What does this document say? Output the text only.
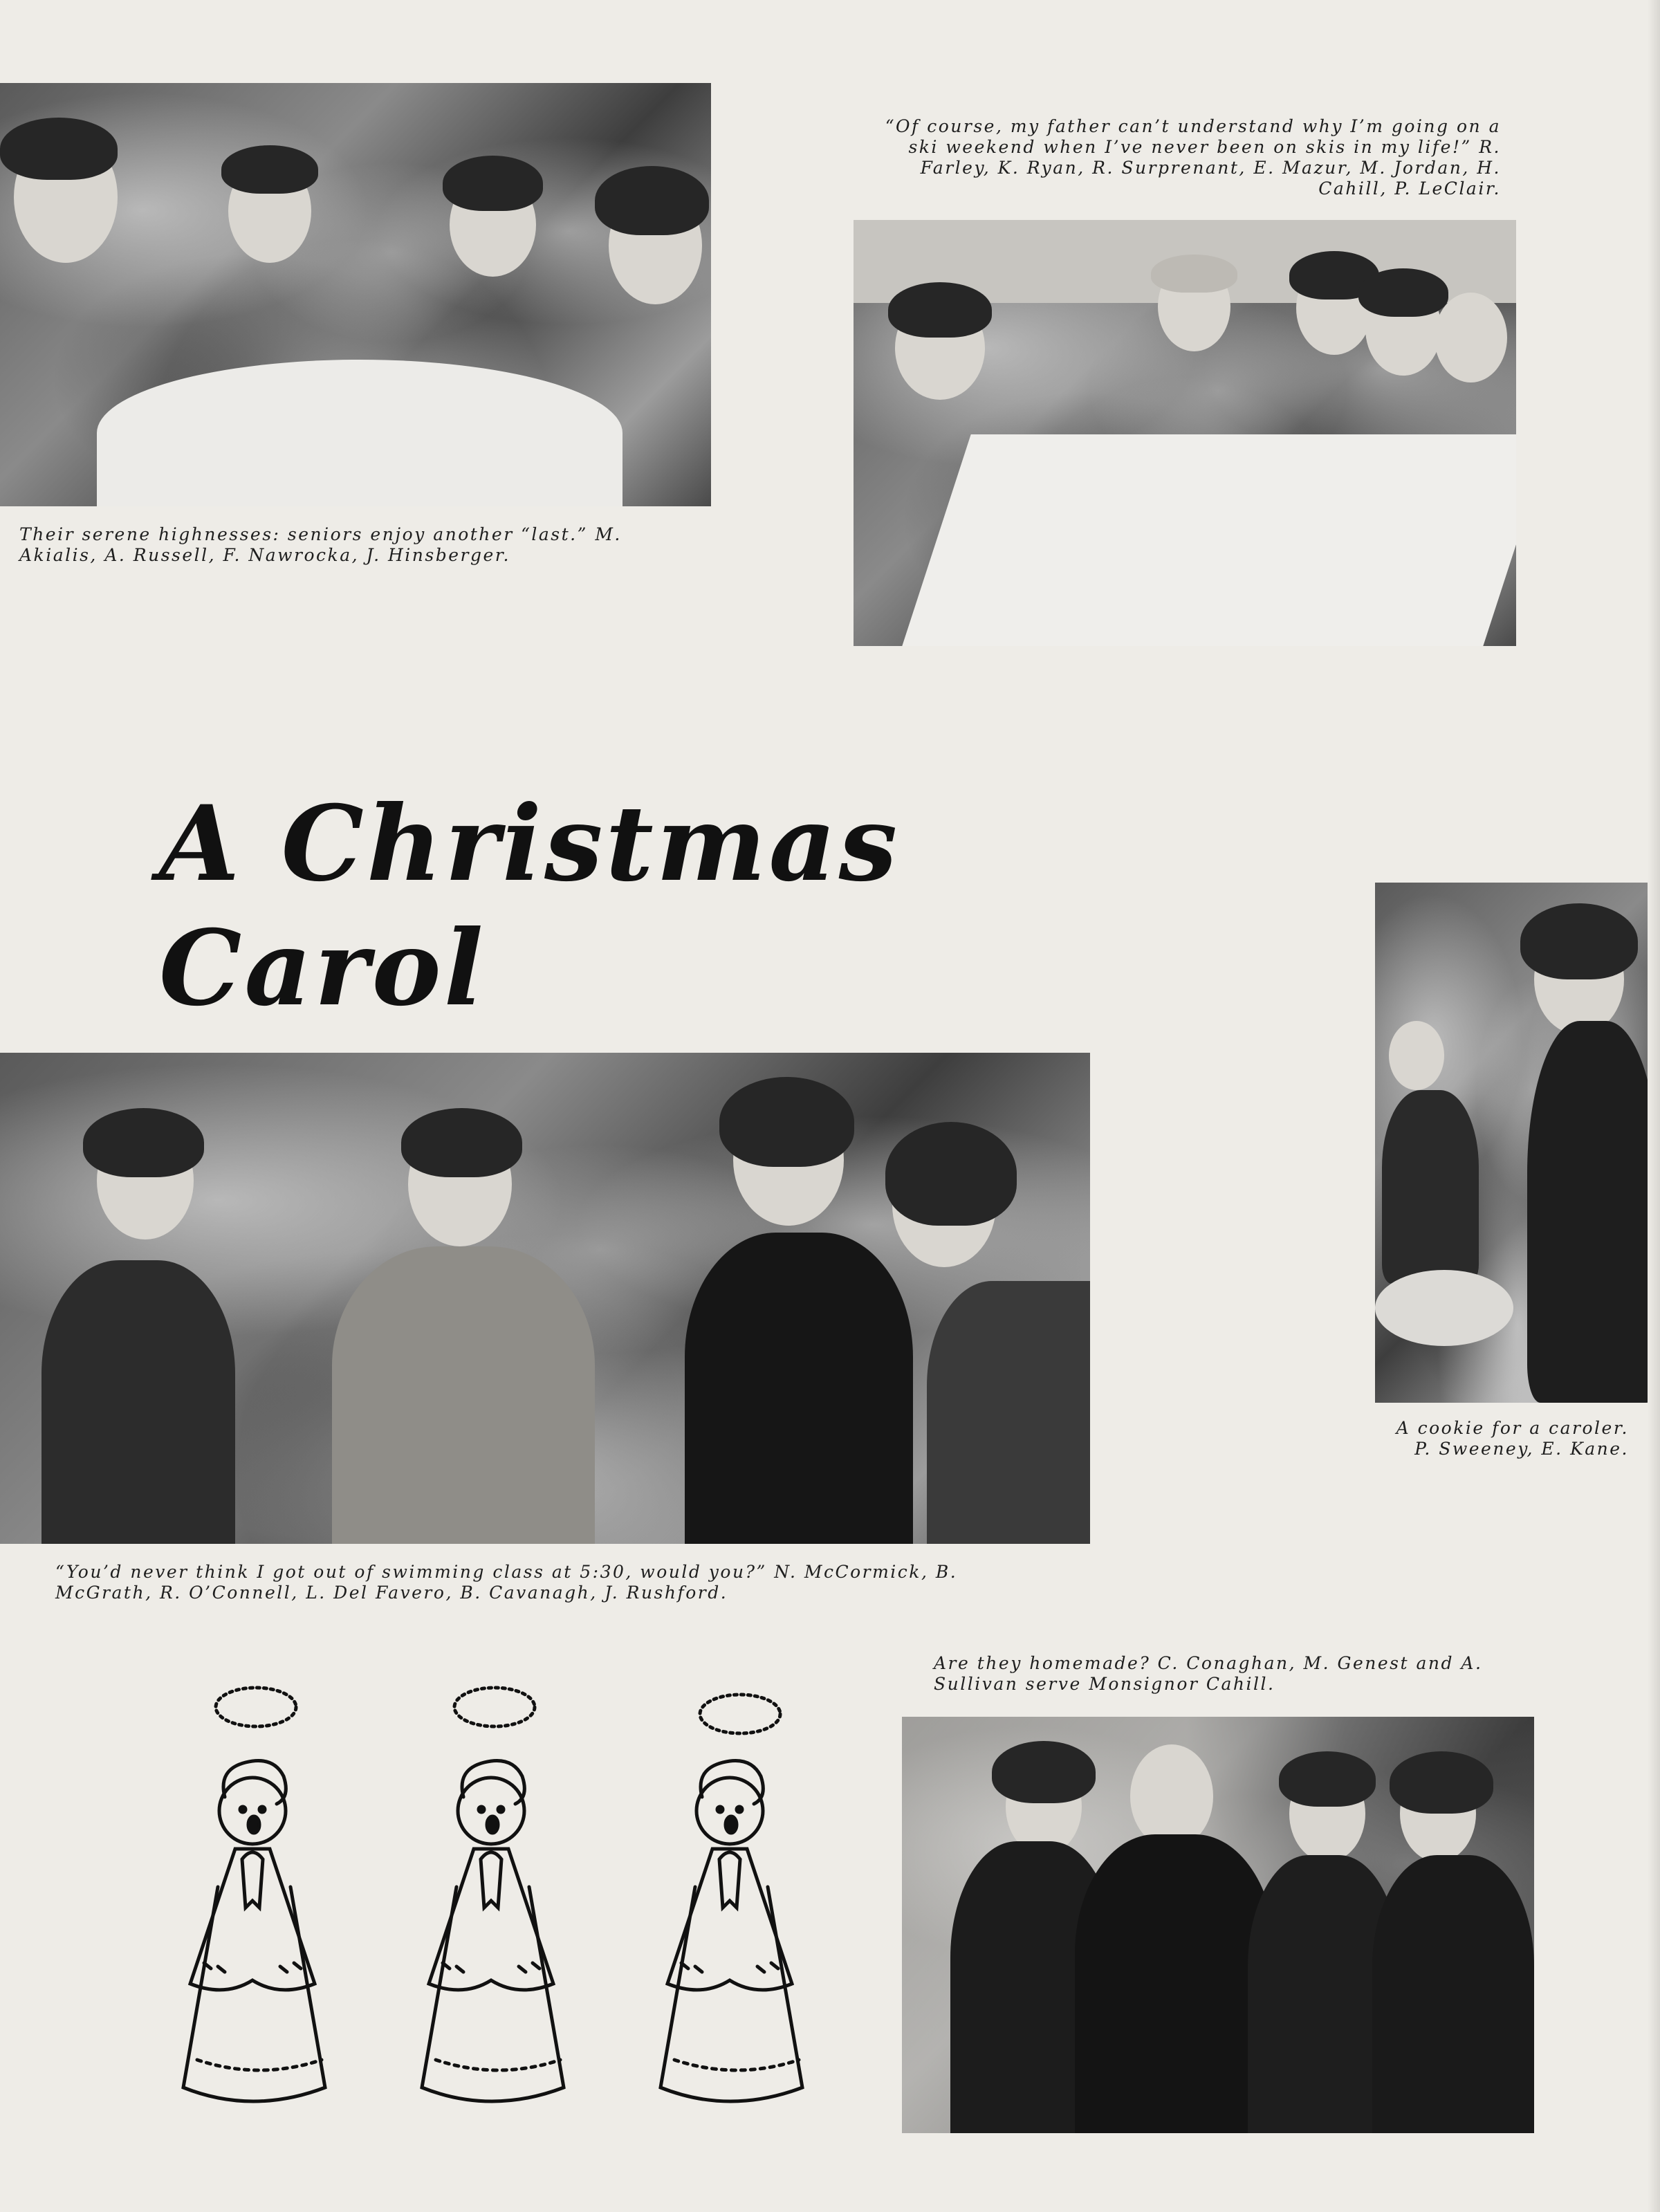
Their serene highnesses: seniors enjoy another “last.” M. Akialis, A. Russell, F. Nawrocka, J. Hinsberger.

“Of course, my father can’t understand why I’m going on a ski weekend when I’ve never been on skis in my life!” R. Farley, K. Ryan, R. Surprenant, E. Mazur, M. Jordan, H. Cahill, P. LeClair.

A Christmas Carol

A cookie for a caroler. P. Sweeney, E. Kane.

“You’d never think I got out of swimming class at 5:30, would you?” N. McCormick, B. McGrath, R. O’Connell, L. Del Favero, B. Cavanagh, J. Rushford.

Are they homemade? C. Conaghan, M. Genest and A. Sullivan serve Monsignor Cahill.
